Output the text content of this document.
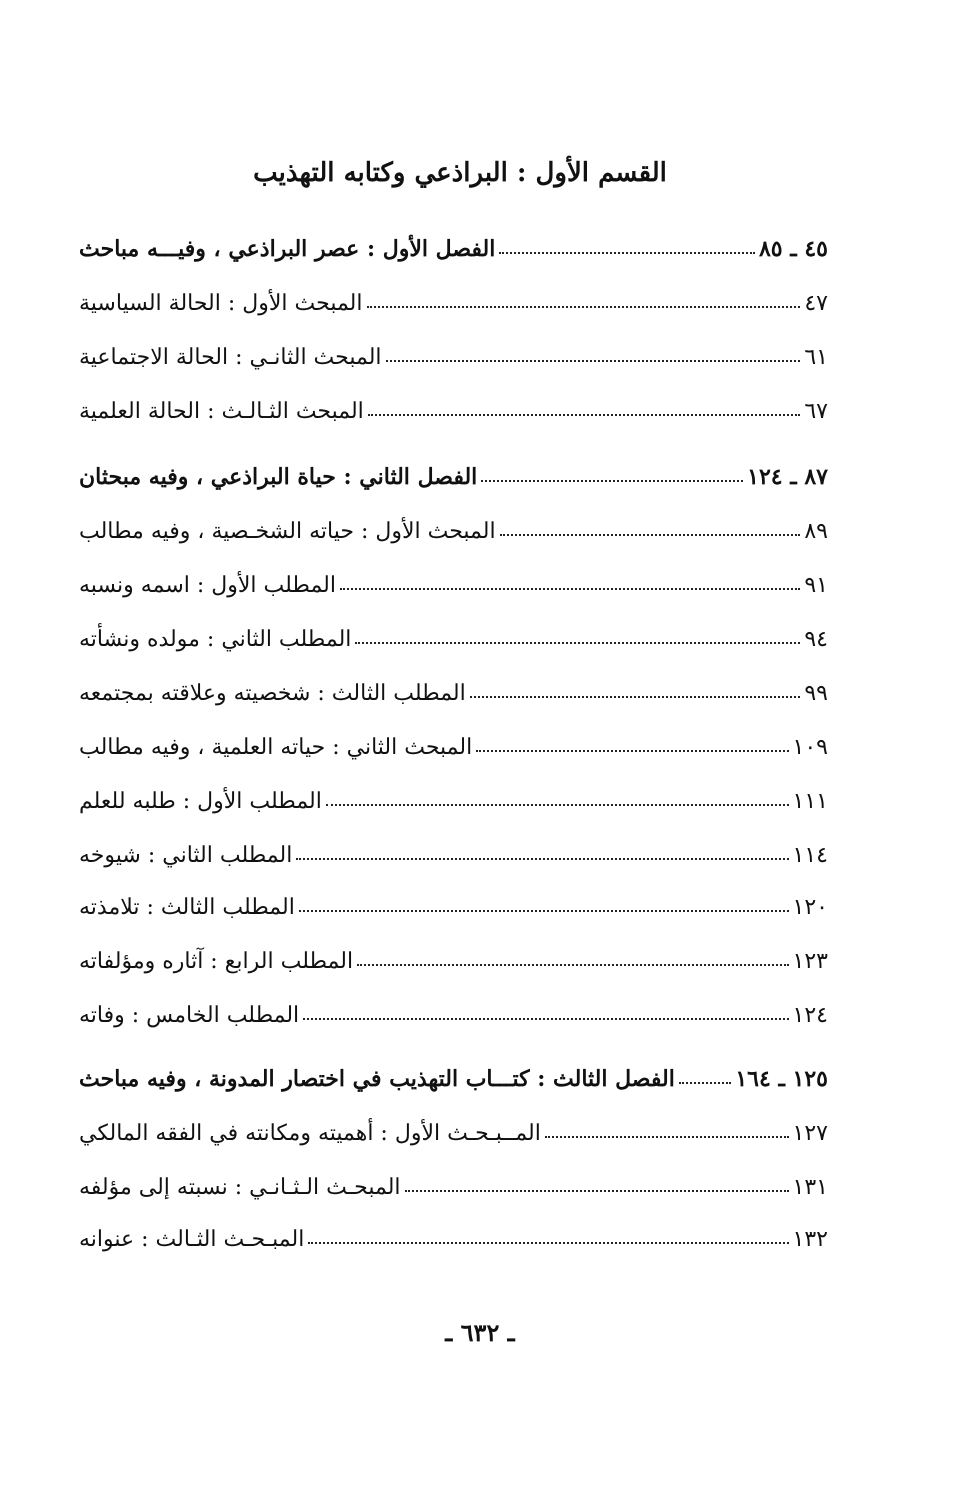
القسم الأول : البراذعي وكتابه التهذيب
الفصل الأول : عصر البراذعي ، وفيـــه مباحث	٤٥ ـ ٨٥
المبحث الأول : الحالة السياسية	٤٧
المبحث الثانـي : الحالة الاجتماعية	٦١
المبحث الثـالـث : الحالة العلمية	٦٧
الفصل الثاني : حياة البراذعي ، وفيه مبحثان	٨٧ ـ ١٢٤
المبحث الأول : حياته الشخـصية ، وفيه مطالب	٨٩
المطلب الأول : اسمه ونسبه	٩١
المطلب الثاني : مولده ونشأته	٩٤
المطلب الثالث : شخصيته وعلاقته بمجتمعه	٩٩
المبحث الثاني : حياته العلمية ، وفيه مطالب	١٠٩
المطلب الأول : طلبه للعلم	١١١
المطلب الثاني : شيوخه	١١٤
المطلب الثالث : تلامذته	١٢٠
المطلب الرابع : آثاره ومؤلفاته	١٢٣
المطلب الخامس : وفاته	١٢٤
الفصل الثالث : كتـــاب التهذيب في اختصار المدونة ، وفيه مباحث	١٢٥ ـ ١٦٤
المــبـحـث الأول : أهميته ومكانته في الفقه المالكي	١٢٧
المبحـث الـثـانـي : نسبته إلى مؤلفه	١٣١
المبـحـث الثـالث : عنوانه	١٣٢
ـ ٦٣٢ ـ
